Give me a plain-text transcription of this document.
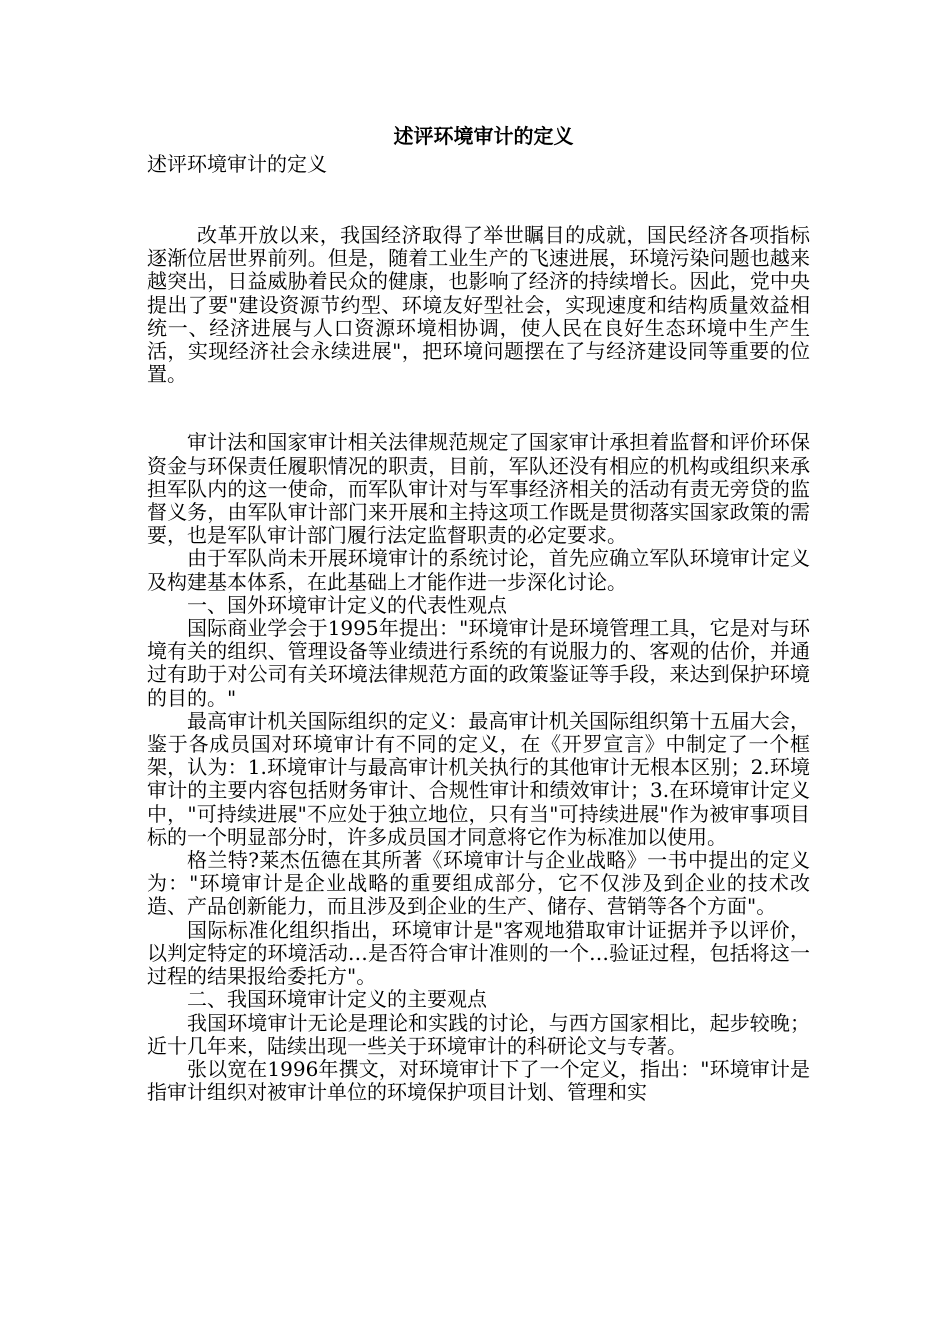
述评环境审计的定义

述评环境审计的定义

改革开放以来，我国经济取得了举世瞩目的成就，国民经济各项指标逐渐位居世界前列。但是，随着工业生产的飞速进展，环境污染问题也越来越突出，日益威胁着民众的健康，也影响了经济的持续增长。因此，党中央提出了要"建设资源节约型、环境友好型社会，实现速度和结构质量效益相统一、经济进展与人口资源环境相协调，使人民在良好生态环境中生产生活，实现经济社会永续进展"，把环境问题摆在了与经济建设同等重要的位置。

审计法和国家审计相关法律规范规定了国家审计承担着监督和评价环保资金与环保责任履职情况的职责，目前，军队还没有相应的机构或组织来承担军队内的这一使命，而军队审计对与军事经济相关的活动有责无旁贷的监督义务，由军队审计部门来开展和主持这项工作既是贯彻落实国家政策的需要，也是军队审计部门履行法定监督职责的必定要求。

由于军队尚未开展环境审计的系统讨论，首先应确立军队环境审计定义及构建基本体系，在此基础上才能作进一步深化讨论。

一、国外环境审计定义的代表性观点

国际商业学会于1995年提出："环境审计是环境管理工具，它是对与环境有关的组织、管理设备等业绩进行系统的有说服力的、客观的估价，并通过有助于对公司有关环境法律规范方面的政策鉴证等手段，来达到保护环境的目的。"

最高审计机关国际组织的定义：最高审计机关国际组织第十五届大会，鉴于各成员国对环境审计有不同的定义，在《开罗宣言》中制定了一个框架，认为：1.环境审计与最高审计机关执行的其他审计无根本区别；2.环境审计的主要内容包括财务审计、合规性审计和绩效审计；3.在环境审计定义中，"可持续进展"不应处于独立地位，只有当"可持续进展"作为被审事项目标的一个明显部分时，许多成员国才同意将它作为标准加以使用。

格兰特?莱杰伍德在其所著《环境审计与企业战略》一书中提出的定义为："环境审计是企业战略的重要组成部分，它不仅涉及到企业的技术改造、产品创新能力，而且涉及到企业的生产、储存、营销等各个方面"。

国际标准化组织指出，环境审计是"客观地猎取审计证据并予以评价，以判定特定的环境活动…是否符合审计准则的一个…验证过程，包括将这一过程的结果报给委托方"。

二、我国环境审计定义的主要观点

我国环境审计无论是理论和实践的讨论，与西方国家相比，起步较晚；近十几年来，陆续出现一些关于环境审计的科研论文与专著。

张以宽在1996年撰文，对环境审计下了一个定义，指出："环境审计是指审计组织对被审计单位的环境保护项目计划、管理和实
